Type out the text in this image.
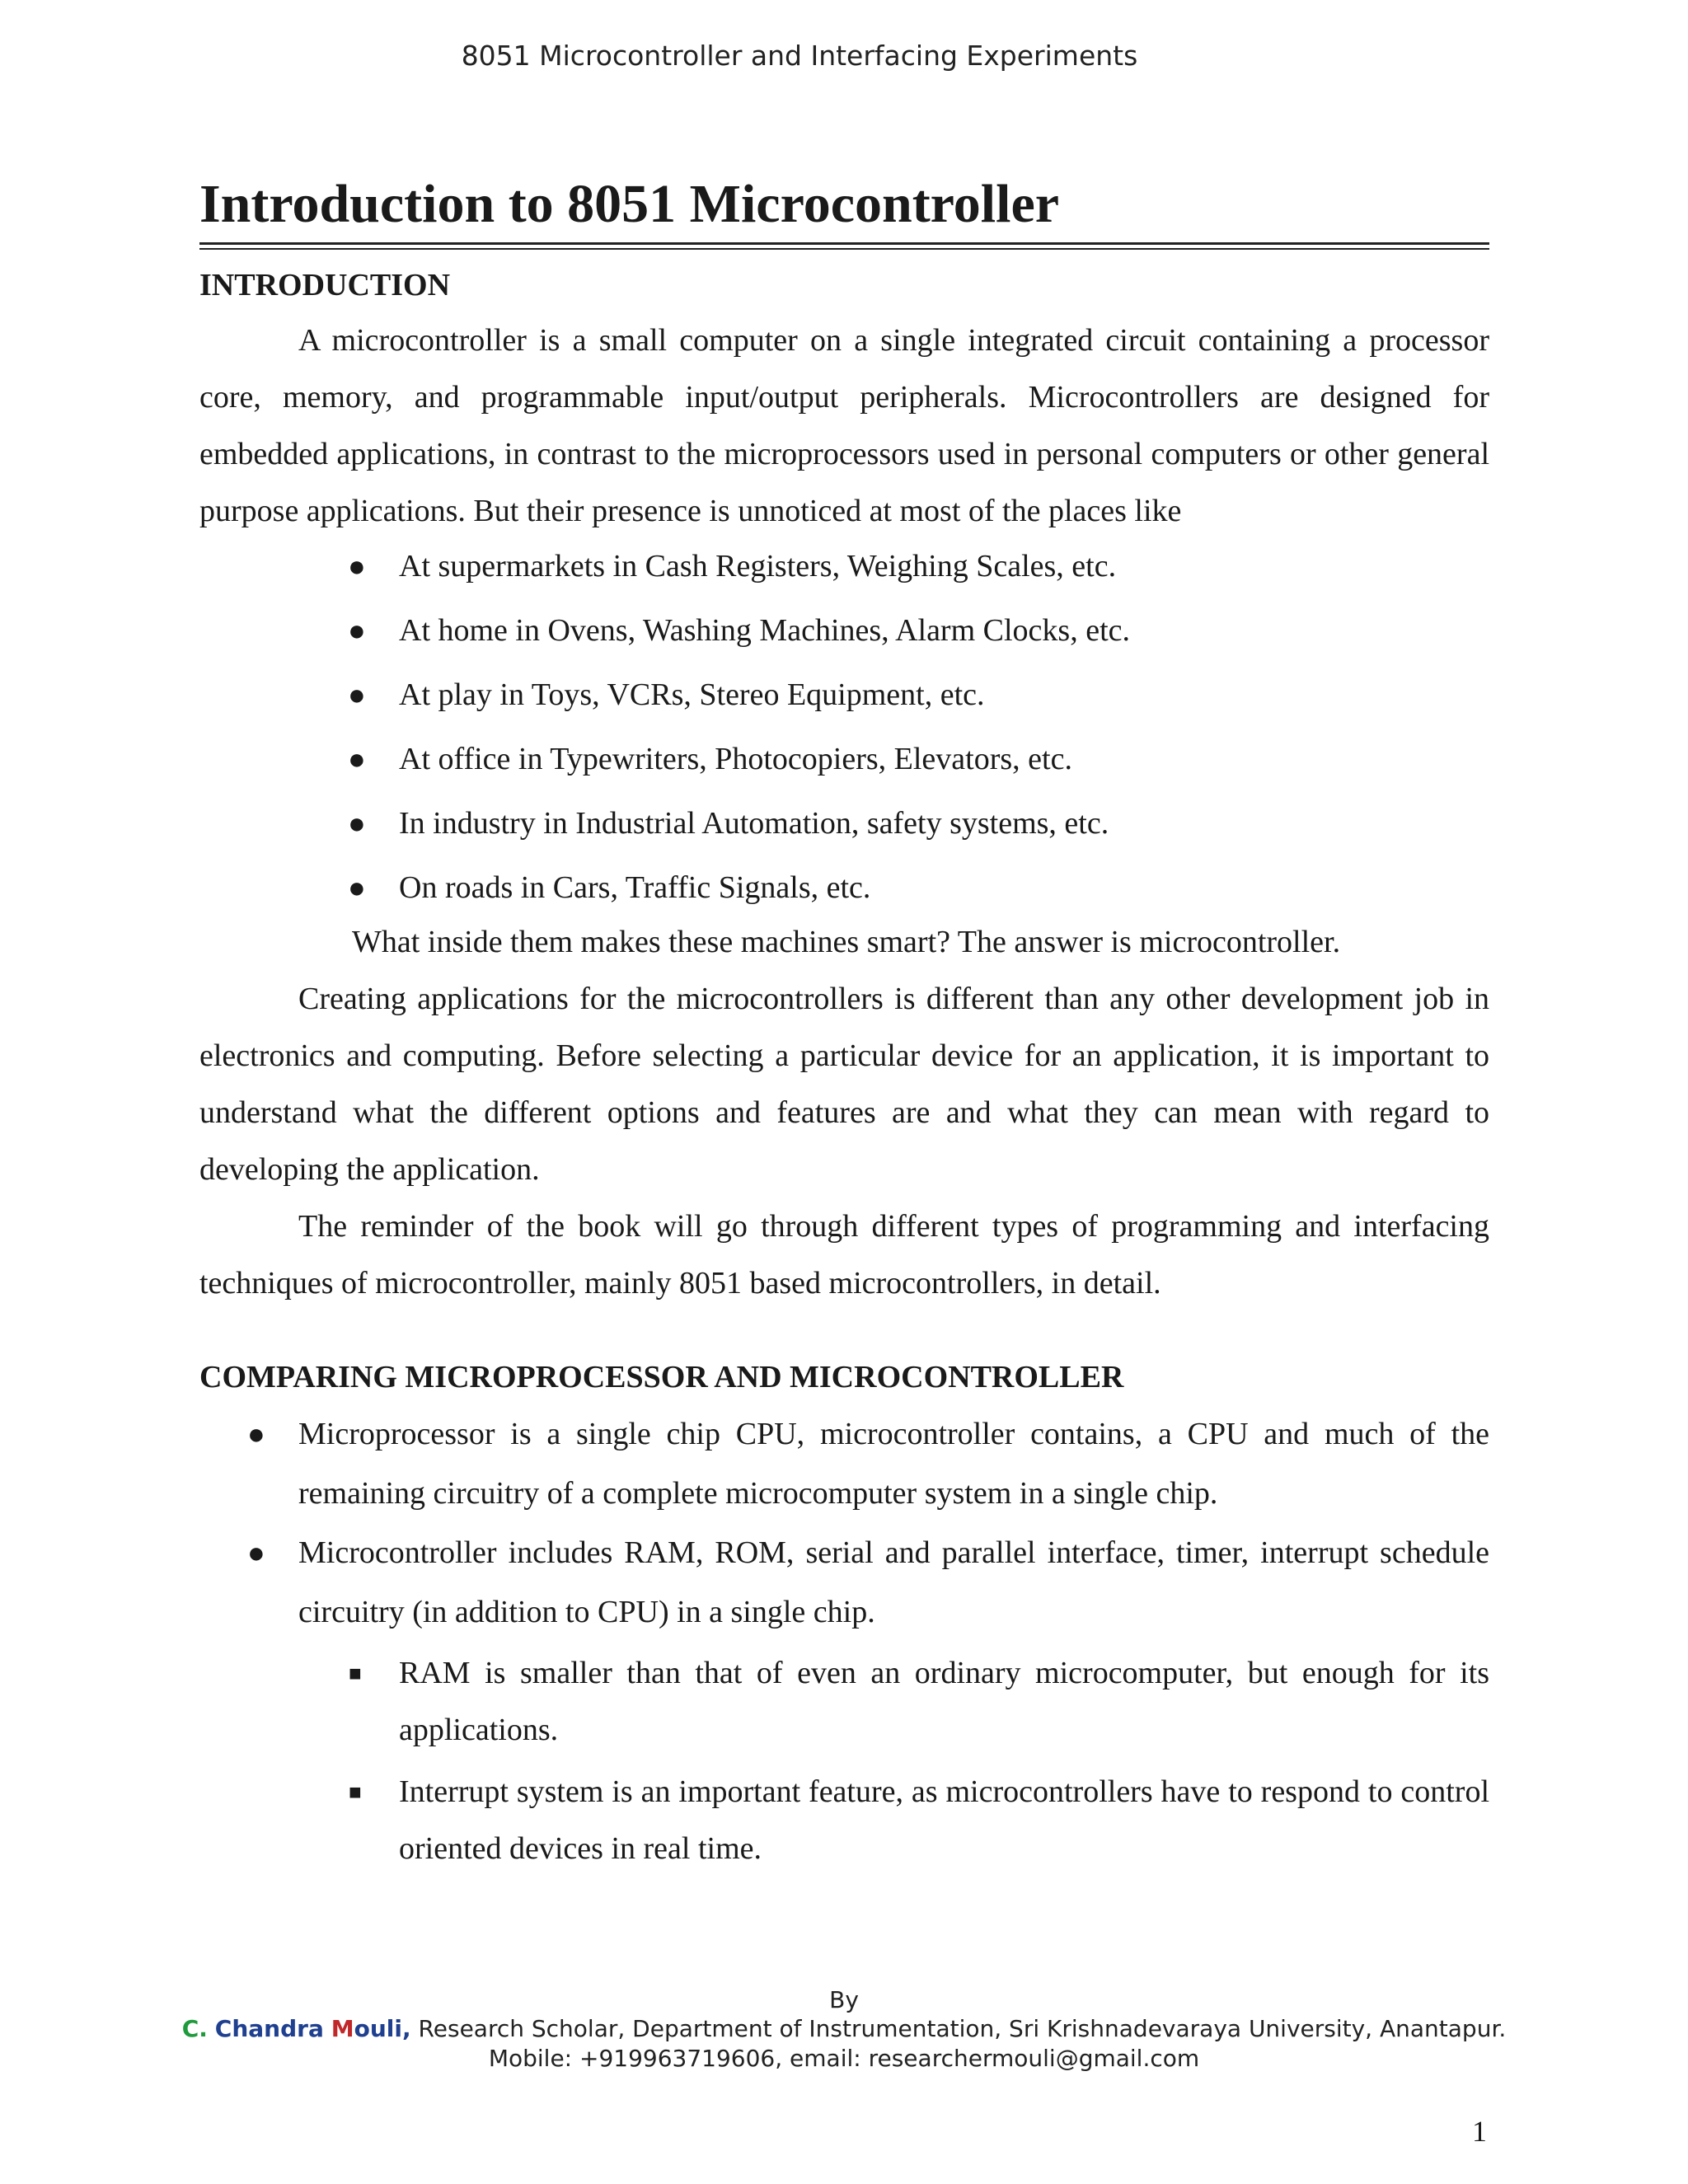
8051 Microcontroller and Interfacing Experiments
Introduction to 8051 Microcontroller
INTRODUCTION

A microcontroller is a small computer on a single integrated circuit containing a processor core, memory, and programmable input/output peripherals. Microcontrollers are designed for embedded applications, in contrast to the microprocessors used in personal computers or other general purpose applications. But their presence is unnoticed at most of the places like

● At supermarkets in Cash Registers, Weighing Scales, etc.
● At home in Ovens, Washing Machines, Alarm Clocks, etc.
● At play in Toys, VCRs, Stereo Equipment, etc.
● At office in Typewriters, Photocopiers, Elevators, etc.
● In industry in Industrial Automation, safety systems, etc.
● On roads in Cars, Traffic Signals, etc.

What inside them makes these machines smart? The answer is microcontroller.

Creating applications for the microcontrollers is different than any other development job in electronics and computing. Before selecting a particular device for an application, it is important to understand what the different options and features are and what they can mean with regard to developing the application.

The reminder of the book will go through different types of programming and interfacing techniques of microcontroller, mainly 8051 based microcontrollers, in detail.

COMPARING MICROPROCESSOR AND MICROCONTROLLER
● Microprocessor is a single chip CPU, microcontroller contains, a CPU and much of the remaining circuitry of a complete microcomputer system in a single chip.
● Microcontroller includes RAM, ROM, serial and parallel interface, timer, interrupt schedule circuitry (in addition to CPU) in a single chip.
■ RAM is smaller than that of even an ordinary microcomputer, but enough for its applications.
■ Interrupt system is an important feature, as microcontrollers have to respond to control oriented devices in real time.
By
C. Chandra Mouli, Research Scholar, Department of Instrumentation, Sri Krishnadevaraya University, Anantapur.
Mobile: +919963719606, email: researchermouli@gmail.com
1
